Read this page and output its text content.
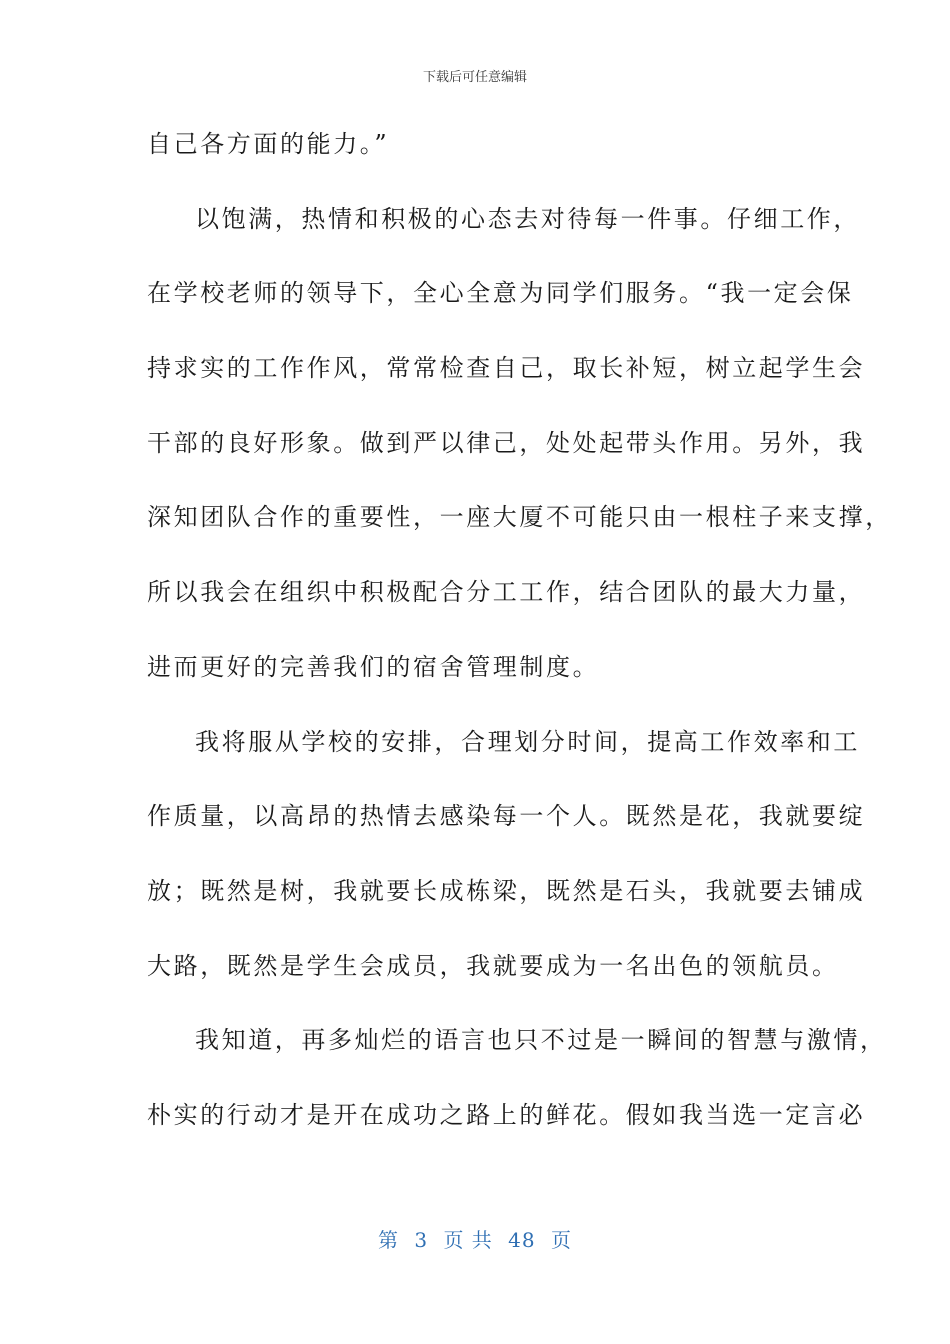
下载后可任意编辑
自己各方面的能力。”
以饱满，热情和积极的心态去对待每一件事。仔细工作，
在学校老师的领导下，全心全意为同学们服务。“我一定会保
持求实的工作作风，常常检查自己，取长补短，树立起学生会
干部的良好形象。做到严以律己，处处起带头作用。另外，我
深知团队合作的重要性，一座大厦不可能只由一根柱子来支撑，
所以我会在组织中积极配合分工工作，结合团队的最大力量，
进而更好的完善我们的宿舍管理制度。
我将服从学校的安排，合理划分时间，提高工作效率和工
作质量，以高昂的热情去感染每一个人。既然是花，我就要绽
放；既然是树，我就要长成栋梁，既然是石头，我就要去铺成
大路，既然是学生会成员，我就要成为一名出色的领航员。
我知道，再多灿烂的语言也只不过是一瞬间的智慧与激情，
朴实的行动才是开在成功之路上的鲜花。假如我当选一定言必
第 3 页 共 48 页
